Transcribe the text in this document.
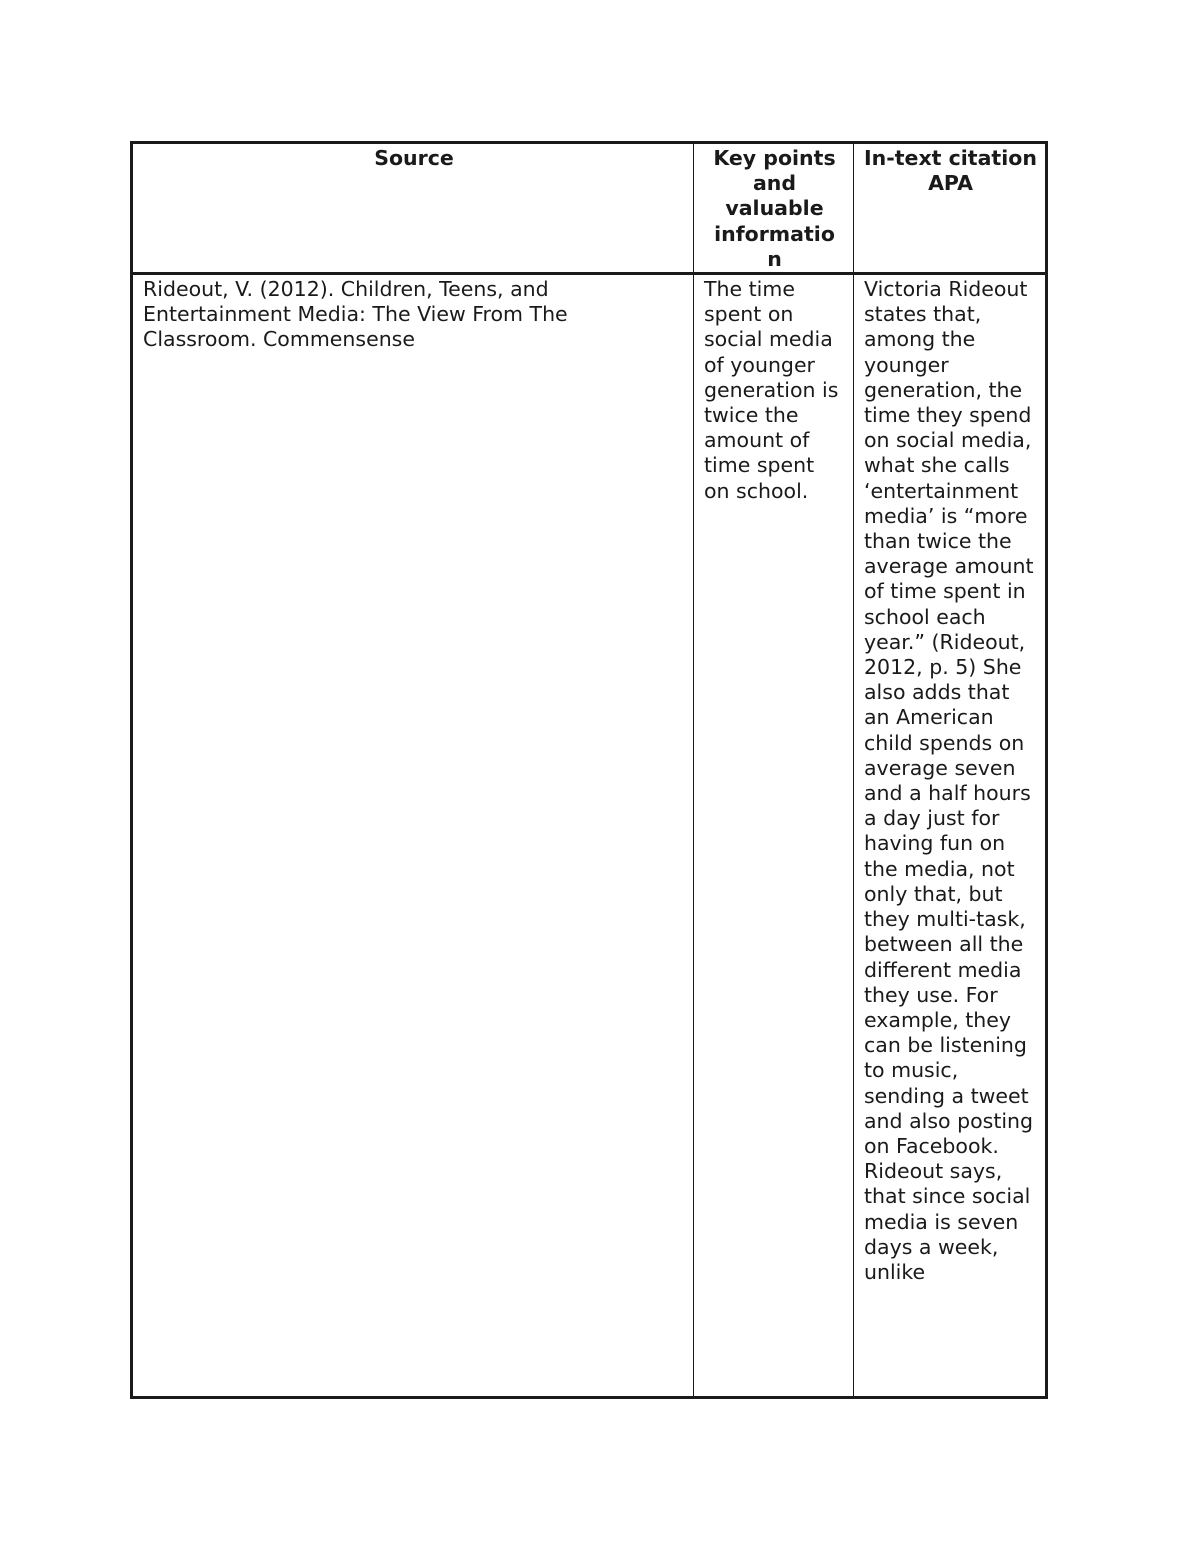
Source	Key points and valuable informatio n	In-text citation APA
Rideout, V. (2012). Children, Teens, and Entertainment Media: The View From The Classroom. Commensense	The time spent on social media of younger generation is twice the amount of time spent on school.	Victoria Rideout states that, among the younger generation, the time they spend on social media, what she calls ‘entertainment media’ is “more than twice the average amount of time spent in school each year.” (Rideout, 2012, p. 5) She also adds that an American child spends on average seven and a half hours a day just for having fun on the media, not only that, but they multi-task, between all the different media they use. For example, they can be listening to music, sending a tweet and also posting on Facebook. Rideout says, that since social media is seven days a week, unlike
